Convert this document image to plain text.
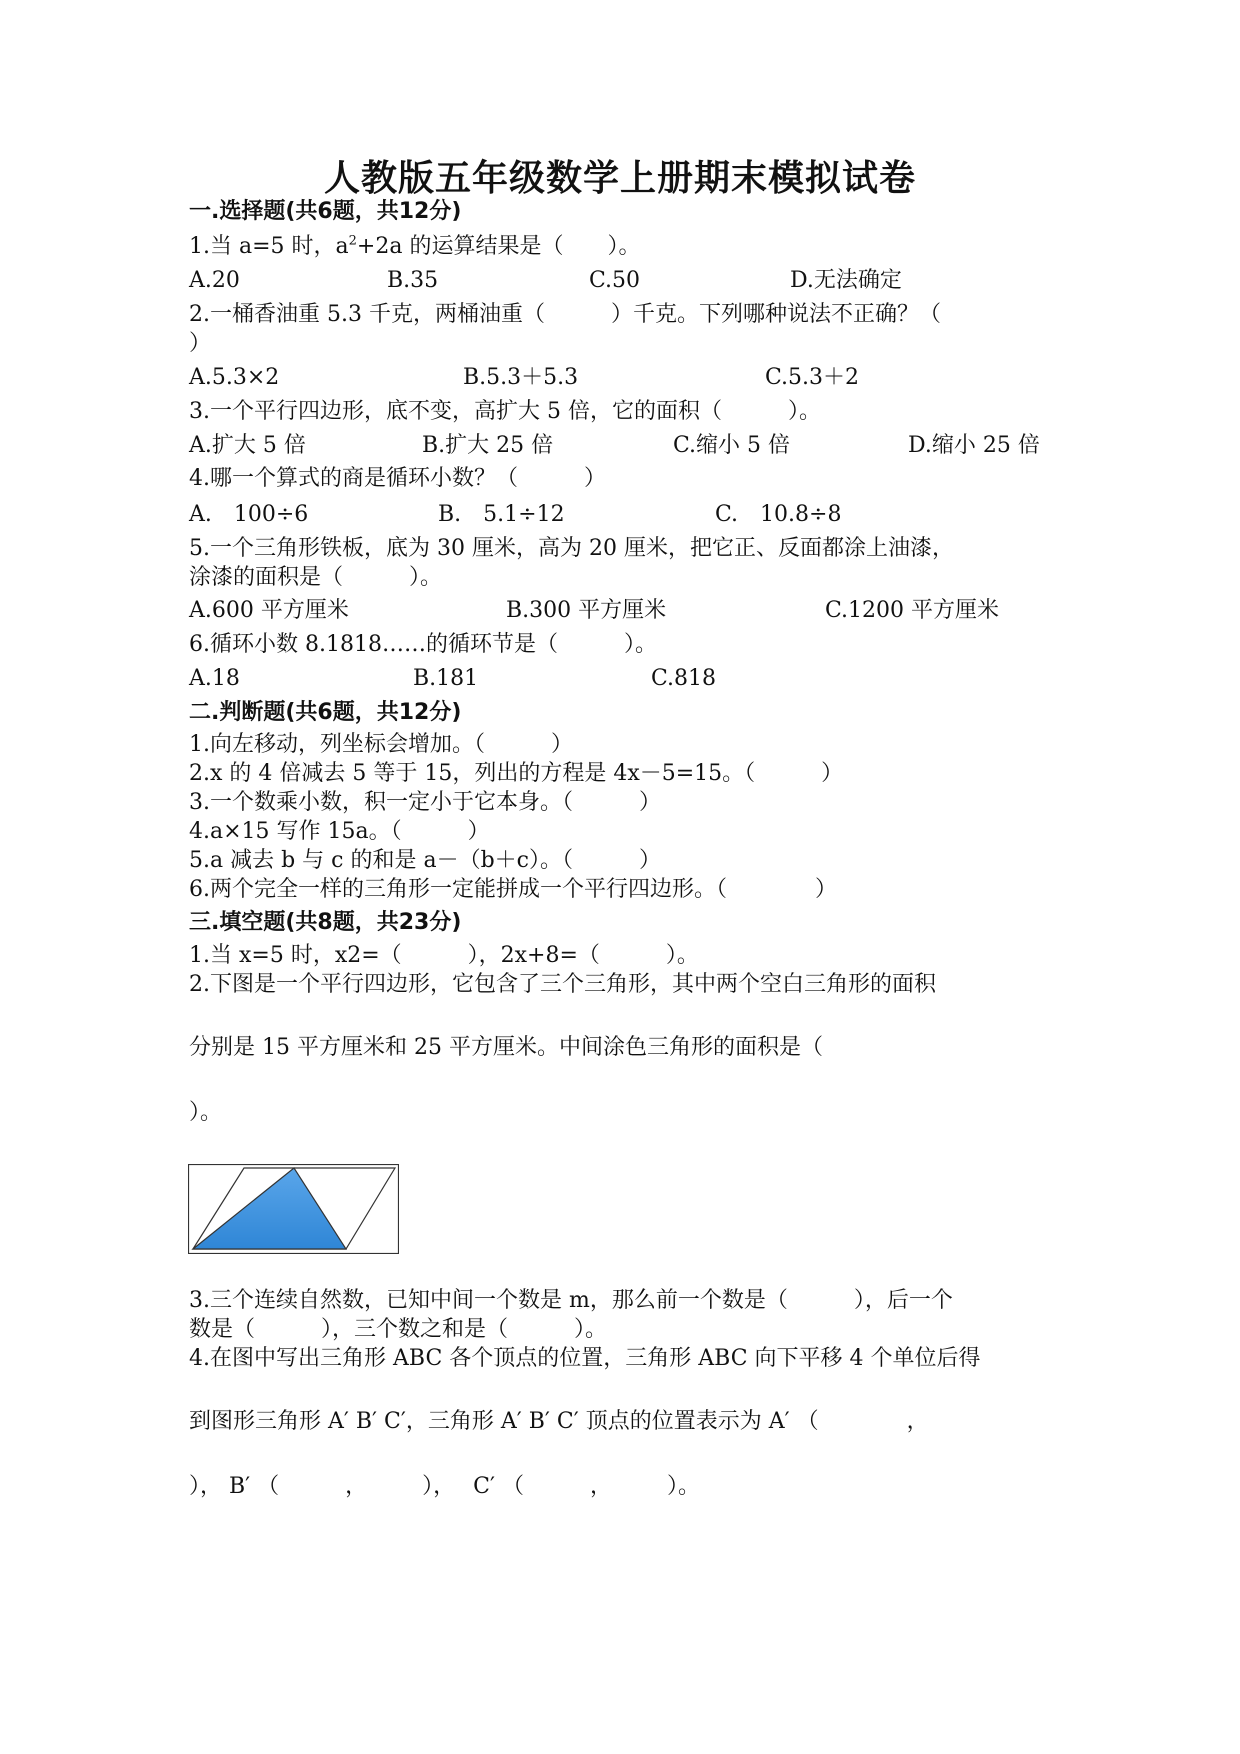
人教版五年级数学上册期末模拟试卷
一.选择题(共6题，共12分)
1.当 a=5 时，$a^2+2a$ 的运算结果是（　　）。
A.20	B.35	C.50	D.无法确定
2.一桶香油重 5.3 千克，两桶油重（　　　）千克。下列哪种说法不正确？（
）
A.5.3×2	B.5.3＋5.3	C.5.3＋2
3.一个平行四边形，底不变，高扩大 5 倍，它的面积（　　　）。
A.扩大 5 倍	B.扩大 25 倍	C.缩小 5 倍	D.缩小 25 倍
4.哪一个算式的商是循环小数？（　　　）
A.　100÷6	B.　5.1÷12	C.　10.8÷8
5.一个三角形铁板，底为 30 厘米，高为 20 厘米，把它正、反面都涂上油漆，
涂漆的面积是（　　　）。
A.600 平方厘米	B.300 平方厘米	C.1200 平方厘米
6.循环小数 8.1818……的循环节是（　　　）。
A.18	B.181	C.818
二.判断题(共6题，共12分)
1.向左移动，列坐标会增加。（　　　）
2.x 的 4 倍减去 5 等于 15，列出的方程是 4x－5=15。（　　　）
3.一个数乘小数，积一定小于它本身。（　　　）
4.a×15 写作 15a。（　　　）
5.a 减去 b 与 c 的和是 a－（b＋c）。（　　　）
6.两个完全一样的三角形一定能拼成一个平行四边形。（　　　　）
三.填空题(共8题，共23分)
1.当 x=5 时，x2=（　　　），2x+8=（　　　）。
2.下图是一个平行四边形，它包含了三个三角形，其中两个空白三角形的面积
分别是 15 平方厘米和 25 平方厘米。中间涂色三角形的面积是（
）。
3.三个连续自然数，已知中间一个数是 m，那么前一个数是（　　　），后一个
数是（　　　），三个数之和是（　　　）。
4.在图中写出三角形 ABC 各个顶点的位置，三角形 ABC 向下平移 4 个单位后得
到图形三角形 A′ B′ C′，三角形 A′ B′ C′ 顶点的位置表示为 A′ （　　　　，
）， B′ （　　　，　　　），　 C′ （　　　，　　　）。
